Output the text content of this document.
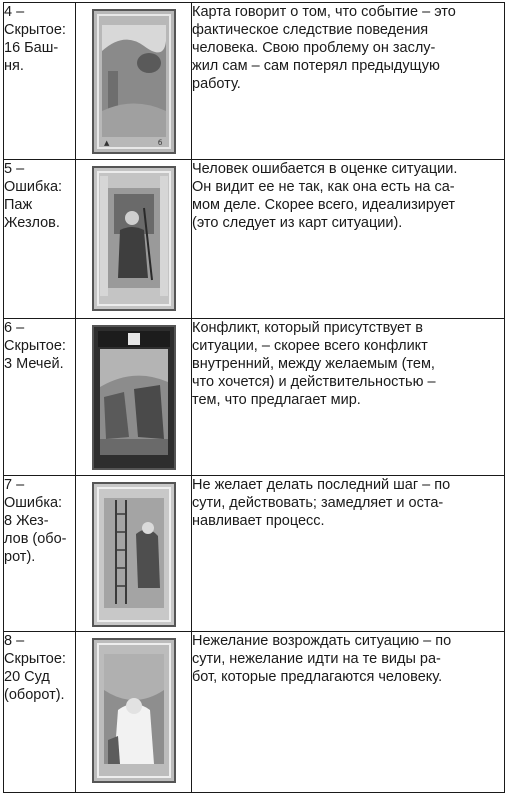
4 –
Скрытое:
16 Баш-
ня.	▲ б	Карта говорит о том, что событие – это
фактическое следствие поведения
человека. Свою проблему он заслу-
жил сам – сам потерял предыдущую
работу.

5 –
Ошибка:
Паж
Жезлов.		Человек ошибается в оценке ситуации.
Он видит ее не так, как она есть на са-
мом деле. Скорее всего, идеализирует
(это следует из карт ситуации).

6 –
Скрытое:
3 Мечей.		Конфликт, который присутствует в
ситуации, – скорее всего конфликт
внутренний, между желаемым (тем,
что хочется) и действительностью –
тем, что предлагает мир.

7 –
Ошибка:
8 Жез-
лов (обо-
рот).		Не желает делать последний шаг – по
сути, действовать; замедляет и оста-
навливает процесс.

8 –
Скрытое:
20 Суд
(оборот).		Нежелание возрождать ситуацию – по
сути, нежелание идти на те виды ра-
бот, которые предлагаются человеку.
